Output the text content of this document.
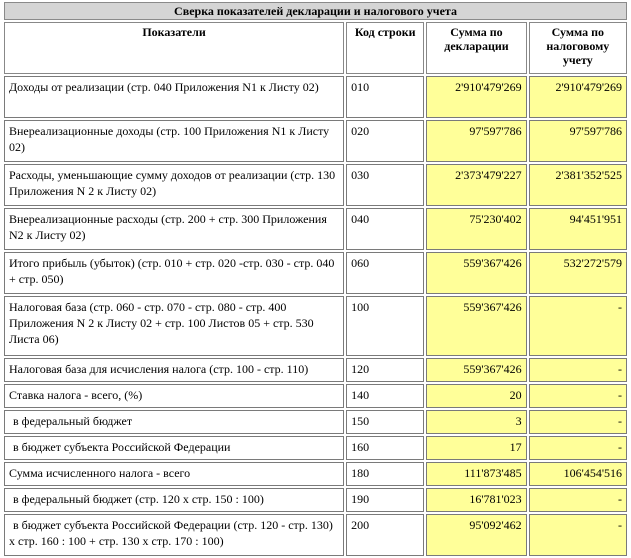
Сверка показателей декларации и налогового учета			
Показатели	Код строки	Сумма по декларации	Сумма по налоговому учету
Доходы от реализации (стр. 040 Приложения N1 к Листу 02)	010	2'910'479'269	2'910'479'269
Внереализационные доходы (стр. 100 Приложения N1 к Листу 02)	020	97'597'786	97'597'786
Расходы, уменьшающие сумму доходов от реализации (стр. 130 Приложения N 2 к Листу 02)	030	2'373'479'227	2'381'352'525
Внереализационные расходы (стр. 200 + стр. 300 Приложения N2 к Листу 02)	040	75'230'402	94'451'951
Итого прибыль (убыток) (стр. 010 + стр. 020 -стр. 030 - стр. 040 + стр. 050)	060	559'367'426	532'272'579
Налоговая база (стр. 060 - стр. 070 - стр. 080 - стр. 400 Приложения N 2 к Листу 02 + стр. 100 Листов 05 + стр. 530 Листа 06)	100	559'367'426	-
Налоговая база для исчисления налога (стр. 100 - стр. 110)	120	559'367'426	-
Ставка налога - всего, (%)	140	20	-
в федеральный бюджет	150	3	-
в бюджет субъекта Российской Федерации	160	17	-
Сумма исчисленного налога - всего	180	111'873'485	106'454'516
в федеральный бюджет (стр. 120 х стр. 150 : 100)	190	16'781'023	-
в бюджет субъекта Российской Федерации (стр. 120 - стр. 130) х стр. 160 : 100 + стр. 130 х стр. 170 : 100)	200	95'092'462	-
